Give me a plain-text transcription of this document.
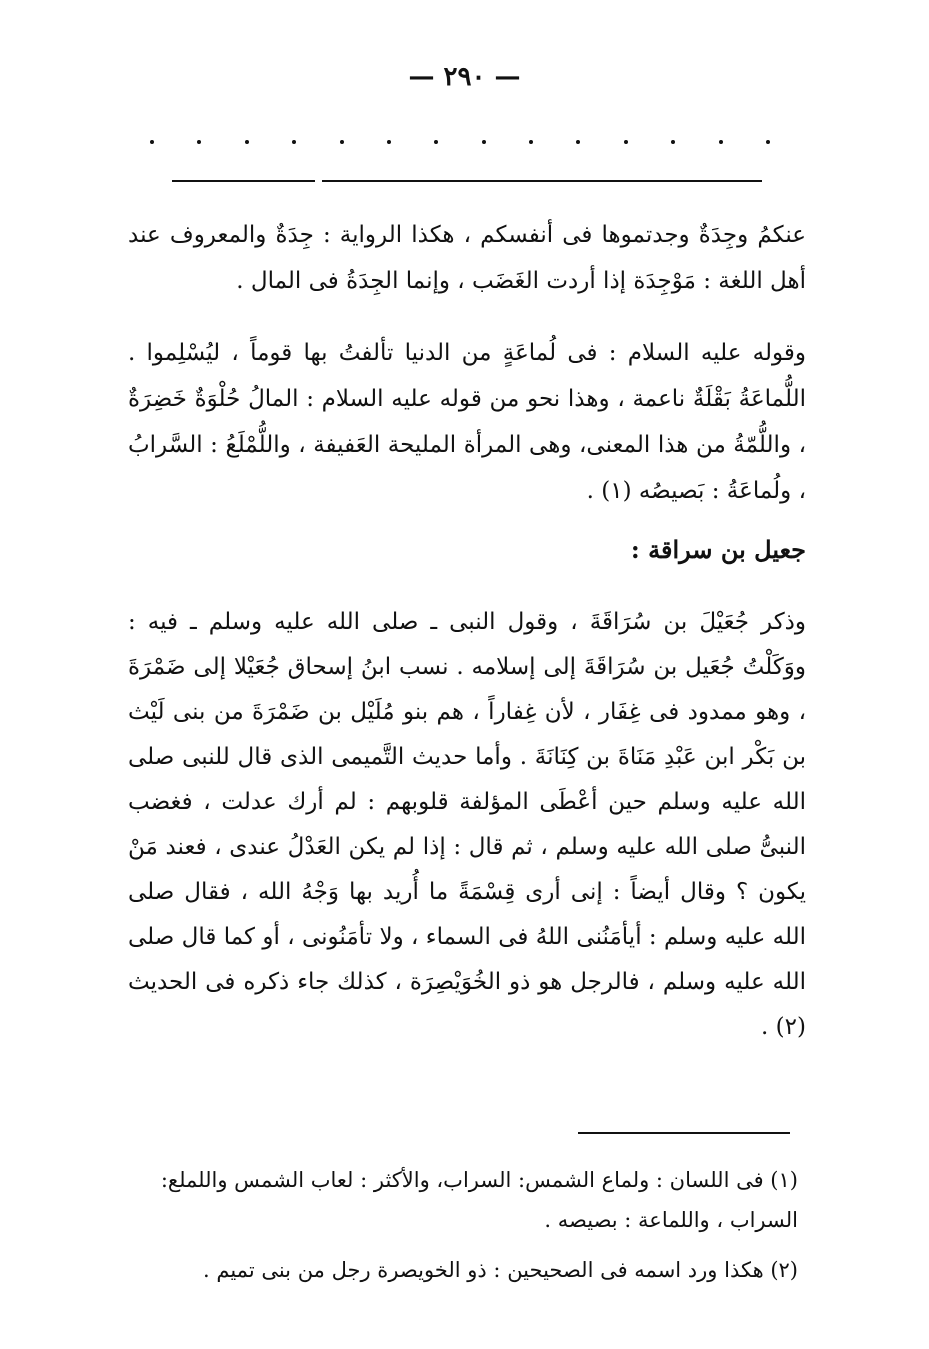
— ٢٩٠ —

عنكمُ وجِدَةٌ وجدتموها فى أنفسكم ، هكذا الرواية : جِدَةٌ والمعروف عند أهل اللغة : مَوْجِدَة إذا أردت الغَضَب ، وإنما الجِدَةُ فى المال .

وقوله عليه السلام : فى لُماعَةٍ من الدنيا تألفتُ بها قوماً ، ليُسْلِموا . اللُّماعَةُ بَقْلَةٌ ناعمة ، وهذا نحو من قوله عليه السلام : المالُ حُلْوَةٌ خَضِرَةٌ ، واللُّمّةُ من هذا المعنى، وهى المرأة المليحة العَفيفة ، واللُّمْلَعُ : السَّرابُ ، ولُماعَةُ : بَصيصُه (١) .

جعيل بن سراقة :

وذكر جُعَيْلَ بن سُرَاقَةَ ، وقول النبى ـ صلى الله عليه وسلم ـ فيه : ووَكَلْتُ جُعَيل بن سُرَاقَةَ إلى إسلامه . نسب ابنُ إسحاق جُعَيْلا إلى ضَمْرَةَ ، وهو ممدود فى غِفَار ، لأن غِفاراً ، هم بنو مُلَيْل بن ضَمْرَةَ من بنى لَيْث بن بَكْر ابن عَبْدِ مَنَاةَ بن كِنَانَةَ . وأما حديث التَّميمى الذى قال للنبى صلى الله عليه وسلم حين أعْطَى المؤلفة قلوبهم : لم أرك عدلت ، فغضب النبىُّ صلى الله عليه وسلم ، ثم قال : إذا لم يكن العَدْلُ عندى ، فعند مَنْ يكون ؟ وقال أيضاً : إنى أرى قِسْمَةً ما أُريد بها وَجْهُ الله ، فقال صلى الله عليه وسلم : أيأمَنُنى اللهُ فى السماء ، ولا تأمَنُونى ، أو كما قال صلى الله عليه وسلم ، فالرجل هو ذو الخُوَيْصِرَة ، كذلك جاء ذكره فى الحديث (٢) .

(١) فى اللسان : ولماع الشمس: السراب، والأكثر : لعاب الشمس واللملع: السراب ، واللماعة : بصيصه .

(٢) هكذا ورد اسمه فى الصحيحين : ذو الخويصرة رجل من بنى تميم .
